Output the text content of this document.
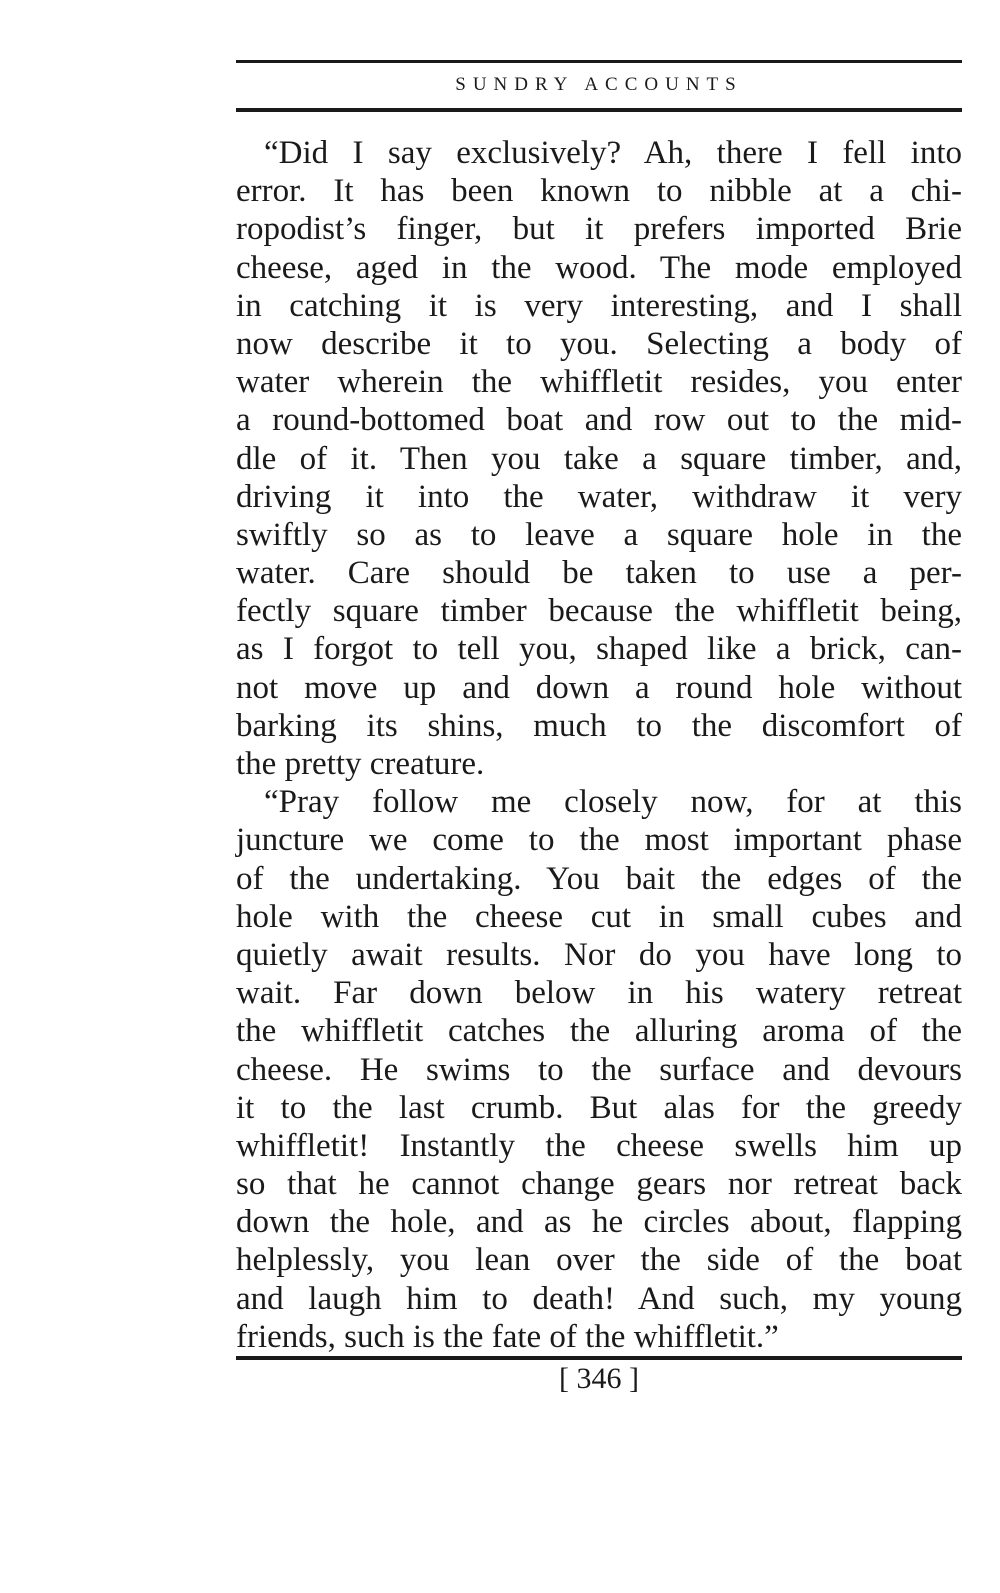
SUNDRY ACCOUNTS
“Did I say exclusively? Ah, there I fell into
error. It has been known to nibble at a chi-
ropodist’s finger, but it prefers imported Brie
cheese, aged in the wood. The mode employed
in catching it is very interesting, and I shall
now describe it to you. Selecting a body of
water wherein the whiffletit resides, you enter
a round-bottomed boat and row out to the mid-
dle of it. Then you take a square timber, and,
driving it into the water, withdraw it very
swiftly so as to leave a square hole in the
water. Care should be taken to use a per-
fectly square timber because the whiffletit being,
as I forgot to tell you, shaped like a brick, can-
not move up and down a round hole without
barking its shins, much to the discomfort of
the pretty creature.
“Pray follow me closely now, for at this
juncture we come to the most important phase
of the undertaking. You bait the edges of the
hole with the cheese cut in small cubes and
quietly await results. Nor do you have long to
wait. Far down below in his watery retreat
the whiffletit catches the alluring aroma of the
cheese. He swims to the surface and devours
it to the last crumb. But alas for the greedy
whiffletit! Instantly the cheese swells him up
so that he cannot change gears nor retreat back
down the hole, and as he circles about, flapping
helplessly, you lean over the side of the boat
and laugh him to death! And such, my young
friends, such is the fate of the whiffletit.”
[ 346 ]
